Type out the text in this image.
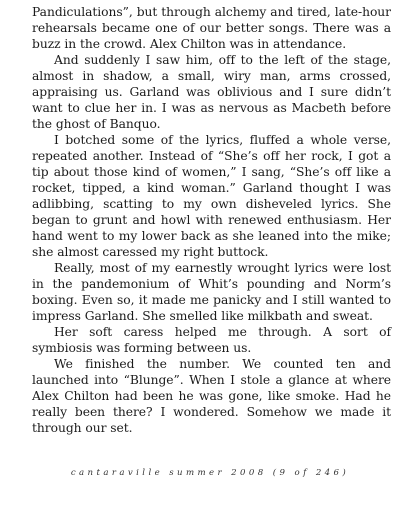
Pandiculations”, but through alchemy and tired, late-hour rehearsals became one of our better songs. There was a buzz in the crowd. Alex Chilton was in attendance.

And suddenly I saw him, off to the left of the stage, almost in shadow, a small, wiry man, arms crossed, appraising us. Garland was oblivious and I sure didn’t want to clue her in. I was as nervous as Macbeth before the ghost of Banquo.

I botched some of the lyrics, fluffed a whole verse, repeated another. Instead of “She’s off her rock, I got a tip about those kind of women,” I sang, “She’s off like a rocket, tipped, a kind woman.” Garland thought I was adlibbing, scatting to my own disheveled lyrics. She began to grunt and howl with renewed enthusiasm. Her hand went to my lower back as she leaned into the mike; she almost caressed my right buttock.

Really, most of my earnestly wrought lyrics were lost in the pandemonium of Whit’s pounding and Norm’s boxing. Even so, it made me panicky and I still wanted to impress Garland. She smelled like milkbath and sweat.

Her soft caress helped me through. A sort of symbiosis was forming between us.

We finished the number. We counted ten and launched into “Blunge”. When I stole a glance at where Alex Chilton had been he was gone, like smoke. Had he really been there? I wondered. Somehow we made it through our set.

cantaraville summer 2008 (9 of 246)
